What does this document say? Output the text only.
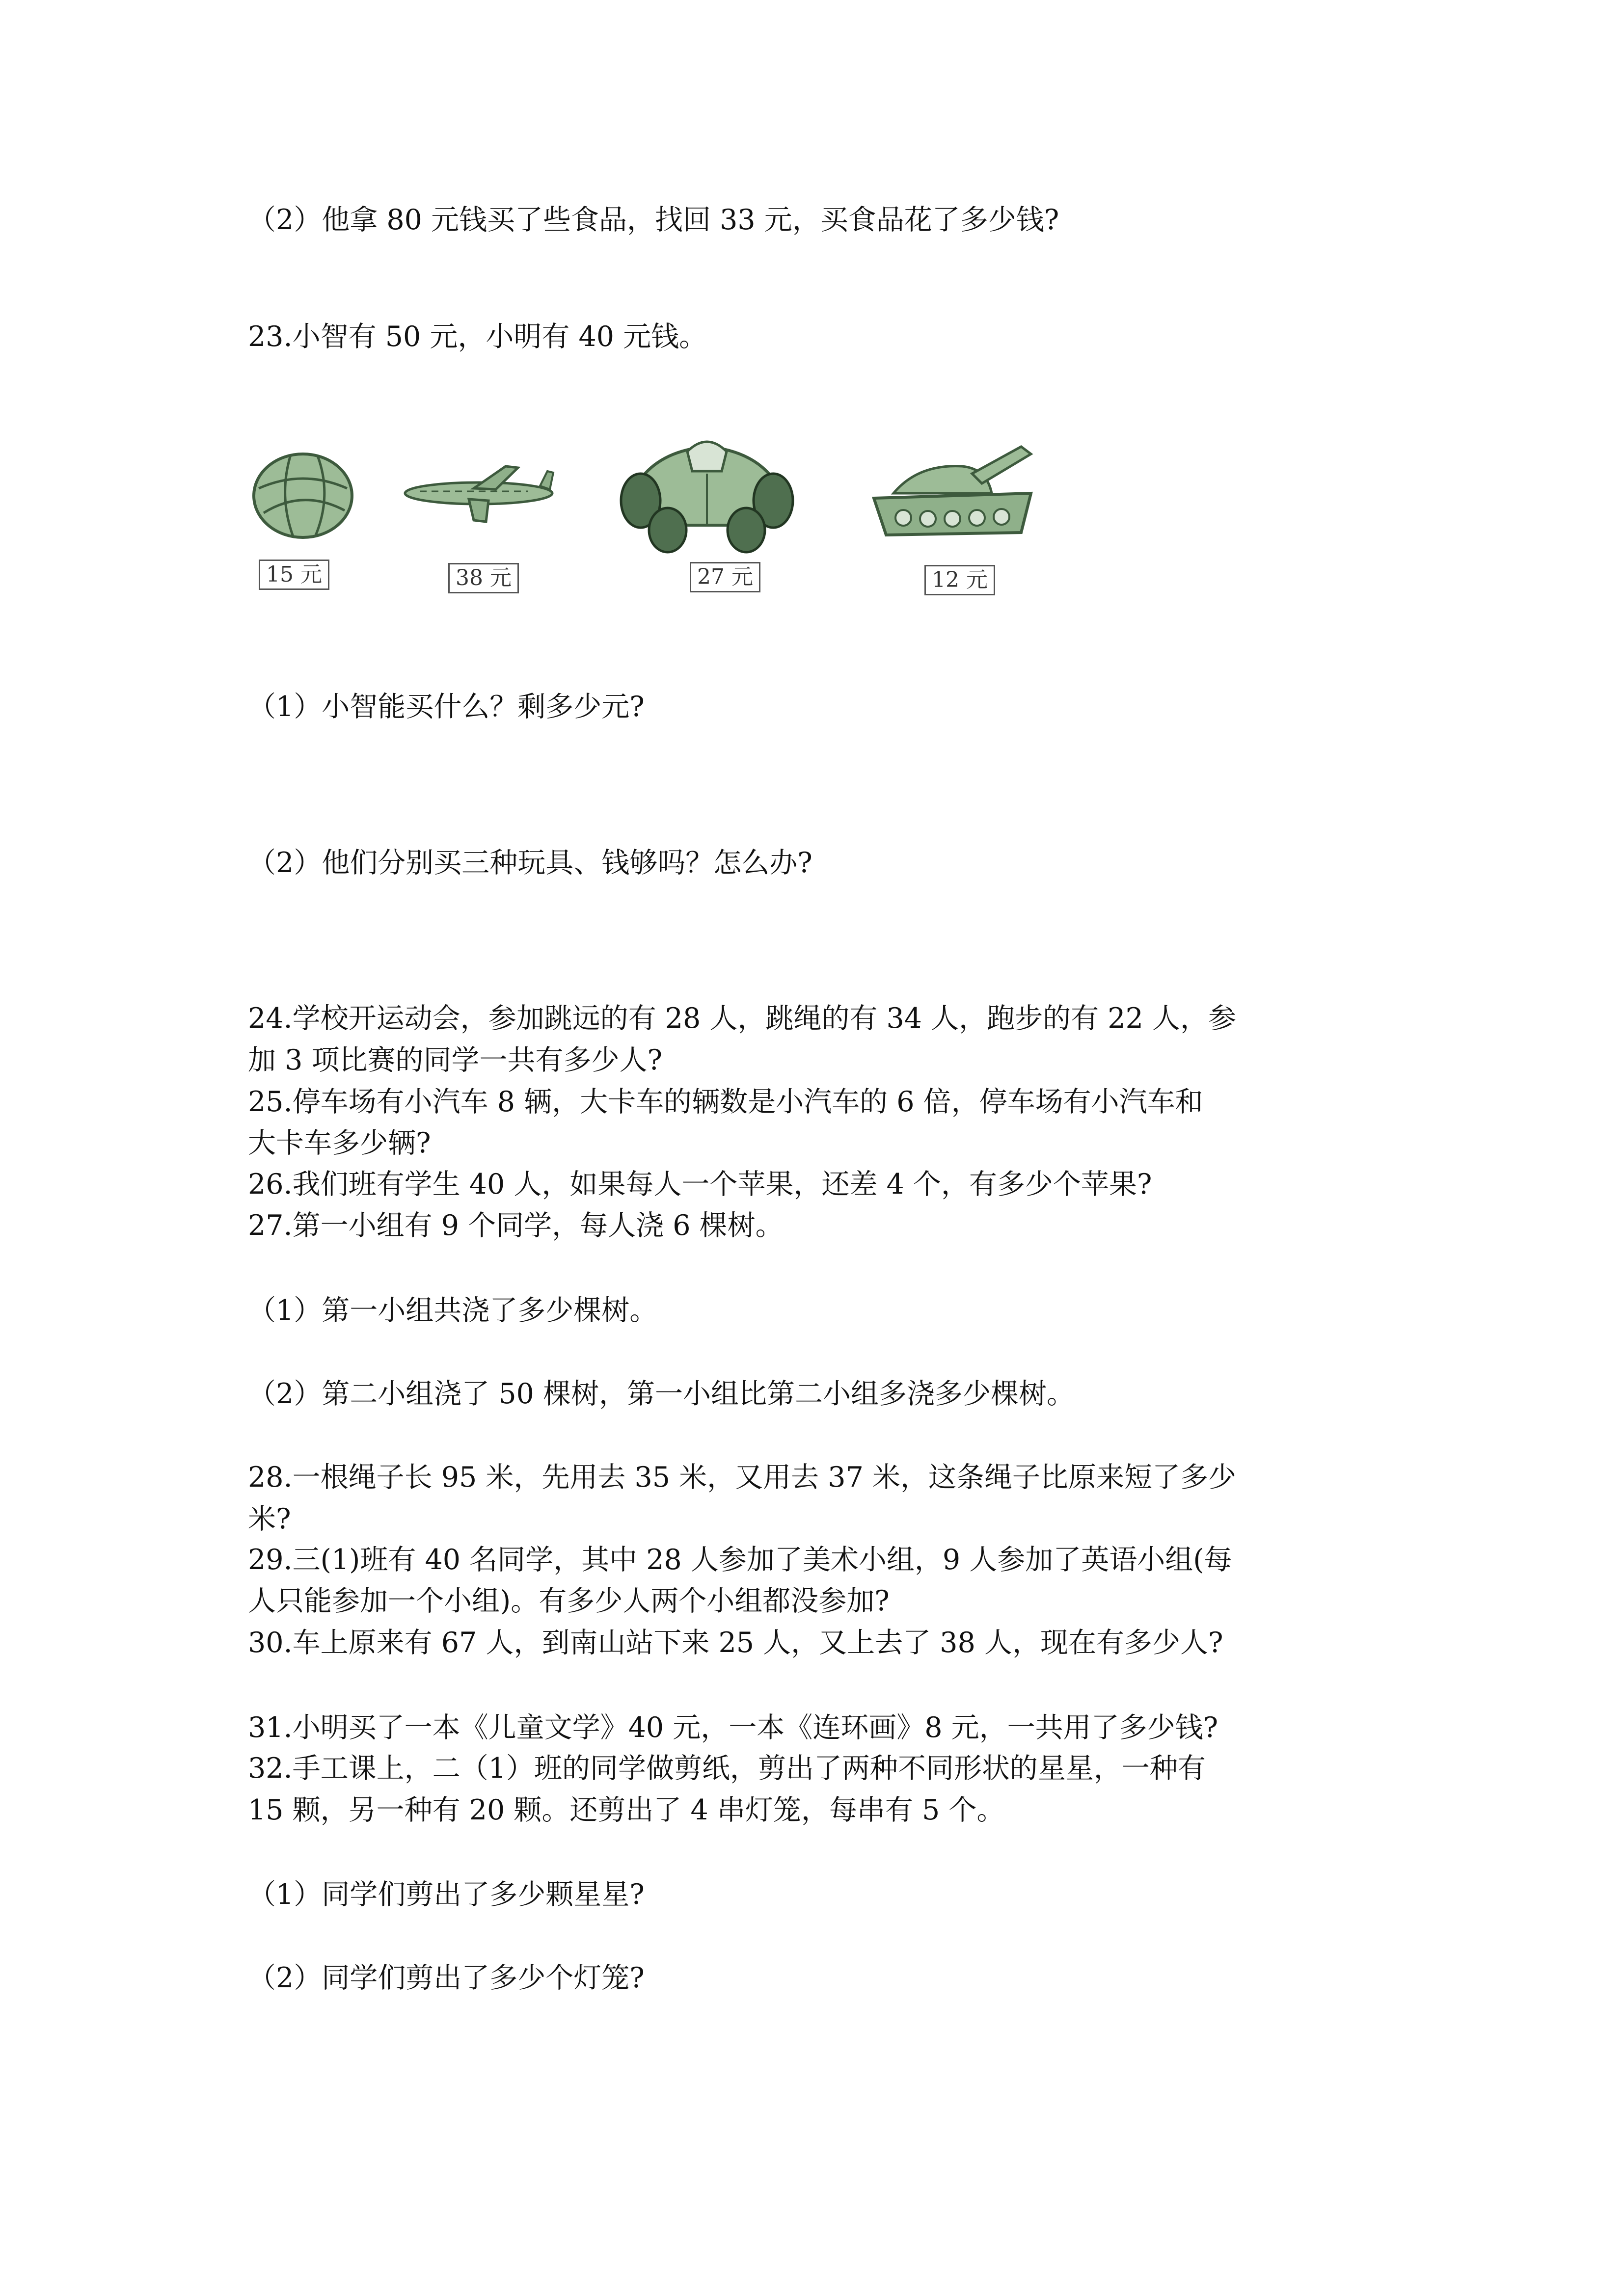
（2）他拿 80 元钱买了些食品，找回 33 元，买食品花了多少钱?
23.小智有 50 元，小明有 40 元钱。
15 元	38 元	27 元	12 元
（1）小智能买什么？剩多少元?
（2）他们分别买三种玩具、钱够吗？怎么办?
24.学校开运动会，参加跳远的有 28 人，跳绳的有 34 人，跑步的有 22 人，参
加 3 项比赛的同学一共有多少人?
25.停车场有小汽车 8 辆，大卡车的辆数是小汽车的 6 倍，停车场有小汽车和
大卡车多少辆?
26.我们班有学生 40 人，如果每人一个苹果，还差 4 个，有多少个苹果?
27.第一小组有 9 个同学，每人浇 6 棵树。
（1）第一小组共浇了多少棵树。
（2）第二小组浇了 50 棵树，第一小组比第二小组多浇多少棵树。
28.一根绳子长 95 米，先用去 35 米，又用去 37 米，这条绳子比原来短了多少
米?
29.三(1)班有 40 名同学，其中 28 人参加了美术小组，9 人参加了英语小组(每
人只能参加一个小组)。有多少人两个小组都没参加?
30.车上原来有 67 人，到南山站下来 25 人，又上去了 38 人，现在有多少人?
31.小明买了一本《儿童文学》40 元，一本《连环画》8 元，一共用了多少钱?
32.手工课上，二（1）班的同学做剪纸，剪出了两种不同形状的星星，一种有
15 颗，另一种有 20 颗。还剪出了 4 串灯笼，每串有 5 个。
（1）同学们剪出了多少颗星星?
（2）同学们剪出了多少个灯笼?
